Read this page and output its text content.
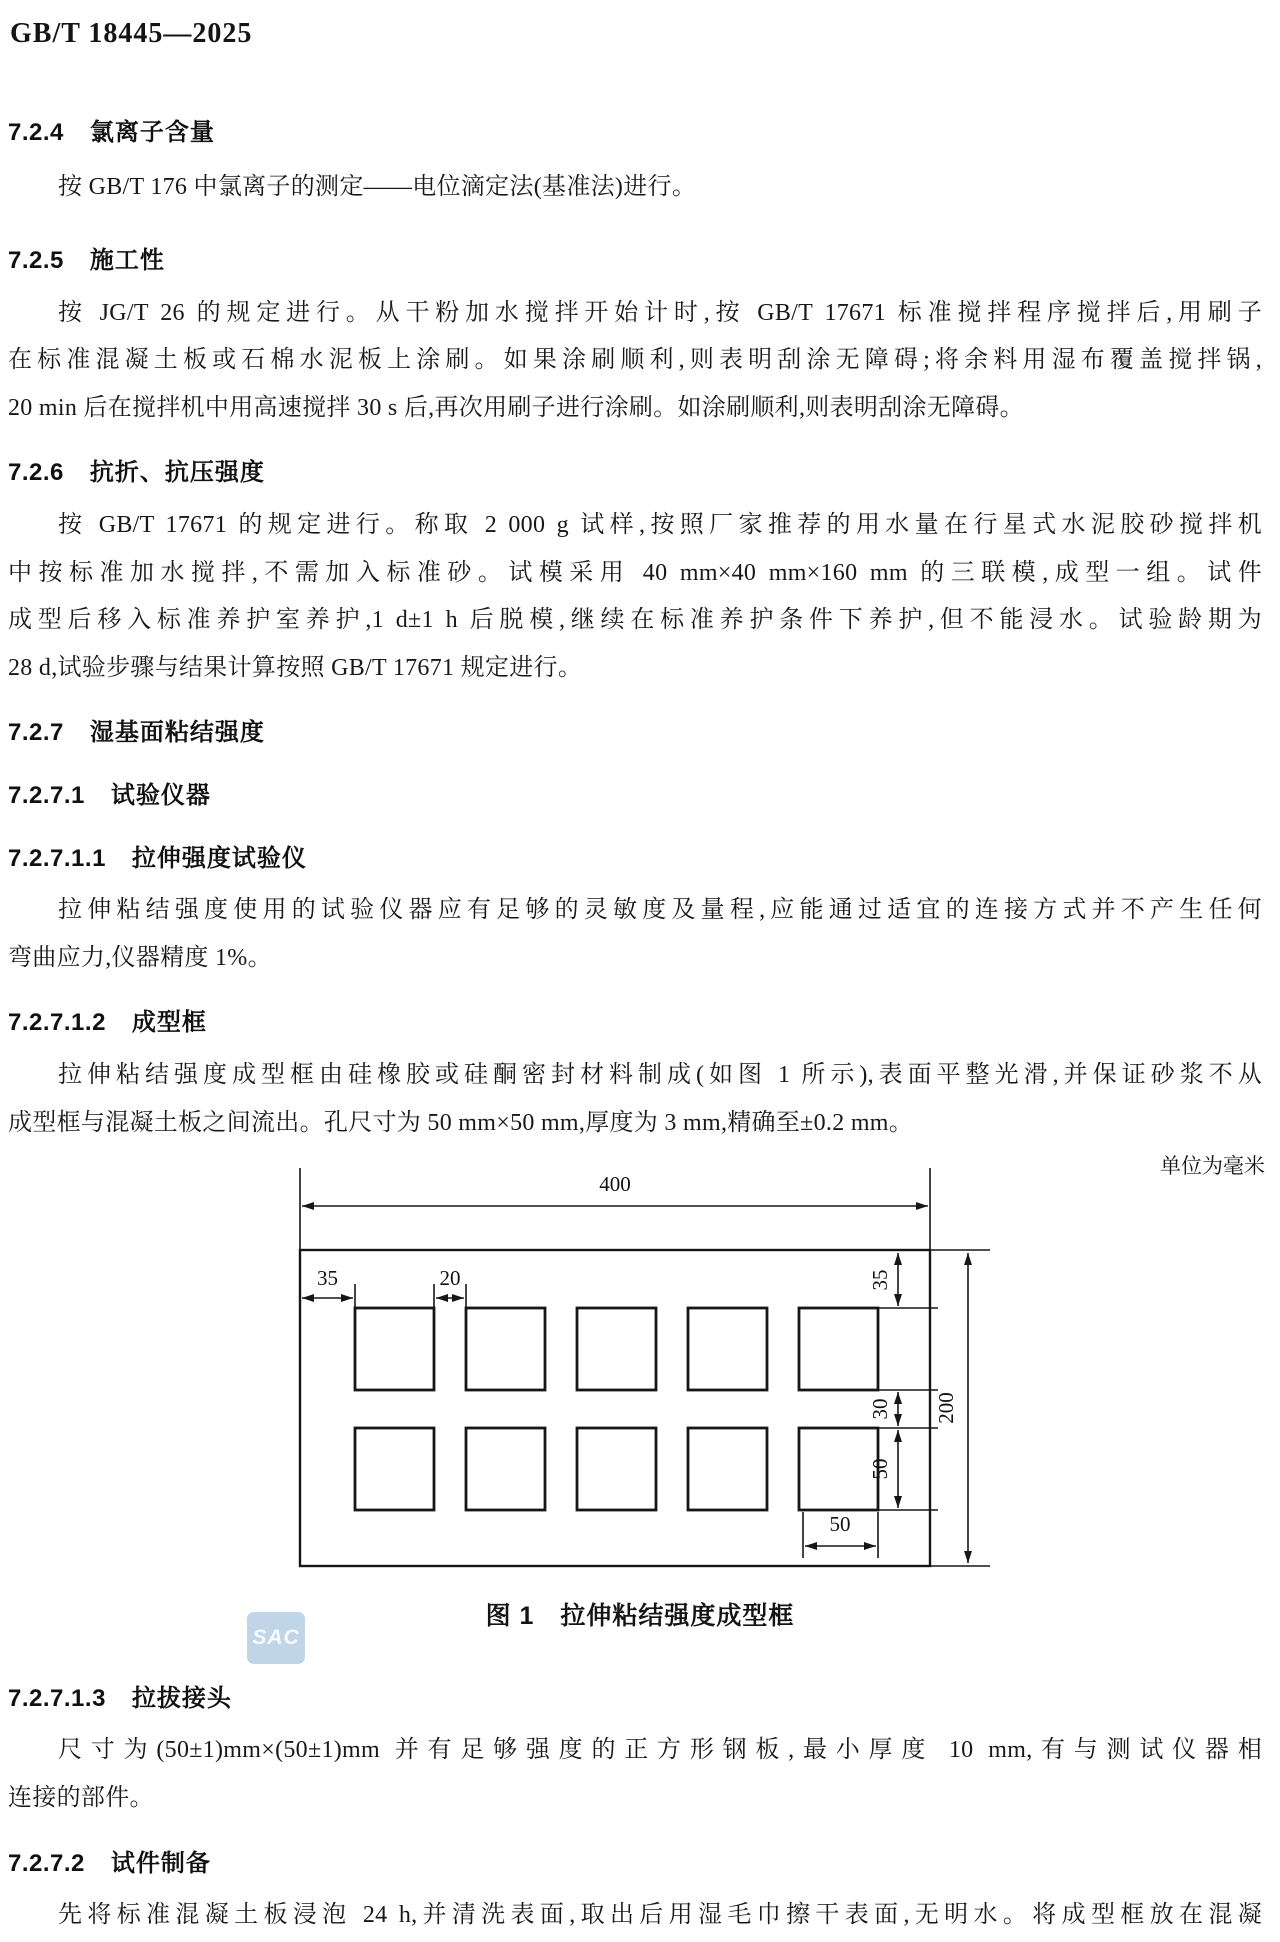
GB/T 18445—2025
7.2.4 氯离子含量
按 GB/T 176 中氯离子的测定——电位滴定法(基准法)进行。
7.2.5 施工性
按 JG/T 26 的规定进行。从干粉加水搅拌开始计时,按 GB/T 17671 标准搅拌程序搅拌后,用刷子
在标准混凝土板或石棉水泥板上涂刷。如果涂刷顺利,则表明刮涂无障碍;将余料用湿布覆盖搅拌锅,
20 min 后在搅拌机中用高速搅拌 30 s 后,再次用刷子进行涂刷。如涂刷顺利,则表明刮涂无障碍。
7.2.6 抗折、抗压强度
按 GB/T 17671 的规定进行。称取 2 000 g 试样,按照厂家推荐的用水量在行星式水泥胶砂搅拌机
中按标准加水搅拌,不需加入标准砂。试模采用 40 mm×40 mm×160 mm 的三联模,成型一组。试件
成型后移入标准养护室养护,1 d±1 h 后脱模,继续在标准养护条件下养护,但不能浸水。试验龄期为
28 d,试验步骤与结果计算按照 GB/T 17671 规定进行。
7.2.7 湿基面粘结强度
7.2.7.1 试验仪器
7.2.7.1.1 拉伸强度试验仪
拉伸粘结强度使用的试验仪器应有足够的灵敏度及量程,应能通过适宜的连接方式并不产生任何
弯曲应力,仪器精度 1%。
7.2.7.1.2 成型框
拉伸粘结强度成型框由硅橡胶或硅酮密封材料制成(如图 1 所示),表面平整光滑,并保证砂浆不从
成型框与混凝土板之间流出。孔尺寸为 50 mm×50 mm,厚度为 3 mm,精确至±0.2 mm。
7.2.7.1.3 拉拔接头
尺寸为(50±1)mm×(50±1)mm 并有足够强度的正方形钢板,最小厚度 10 mm,有与测试仪器相
连接的部件。
7.2.7.2 试件制备
先将标准混凝土板浸泡 24 h,并清洗表面,取出后用湿毛巾擦干表面,无明水。将成型框放在混凝
单位为毫米
400
35	20	35
30
50
50
200
图 1 拉伸粘结强度成型框
SAC
